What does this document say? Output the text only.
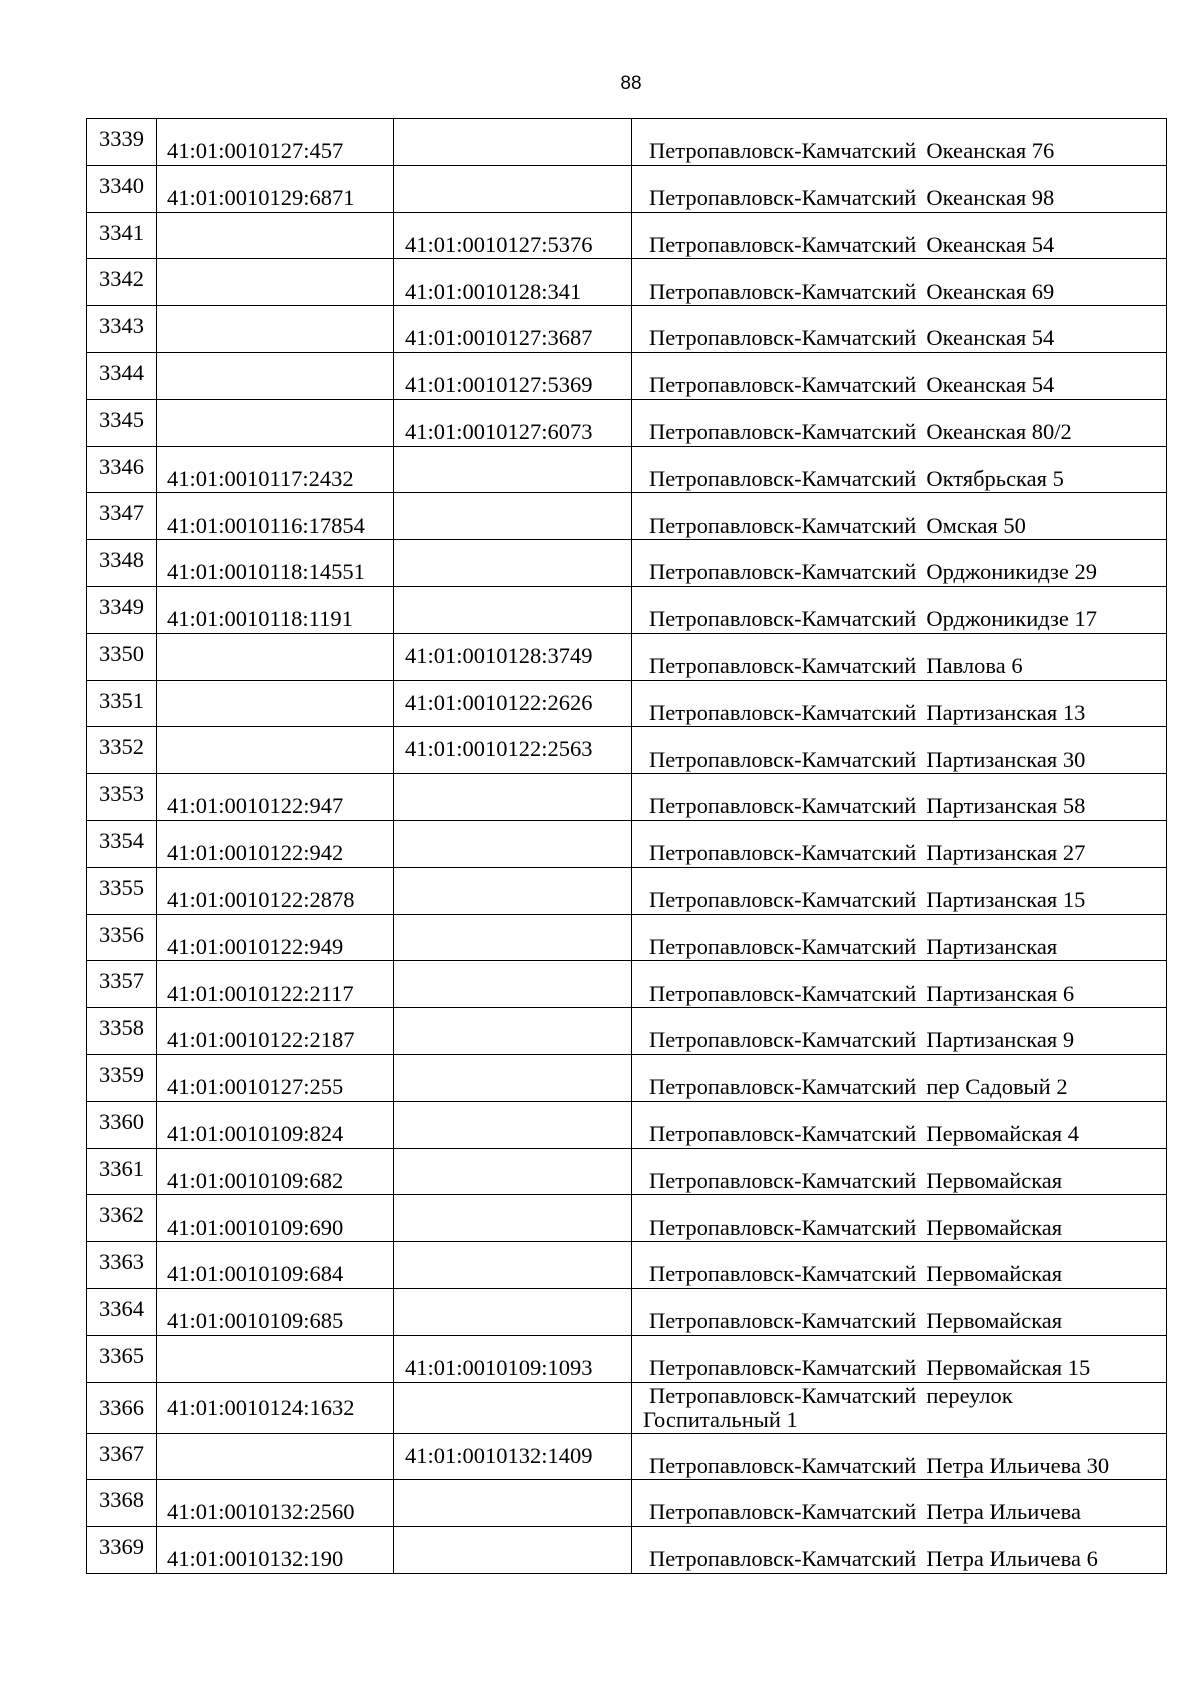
88
3339	41:01:0010127:457		Петропавловск-Камчатский Океанская 76
3340	41:01:0010129:6871		Петропавловск-Камчатский Океанская 98
3341		41:01:0010127:5376	Петропавловск-Камчатский Океанская 54
3342		41:01:0010128:341	Петропавловск-Камчатский Океанская 69
3343		41:01:0010127:3687	Петропавловск-Камчатский Океанская 54
3344		41:01:0010127:5369	Петропавловск-Камчатский Океанская 54
3345		41:01:0010127:6073	Петропавловск-Камчатский Океанская 80/2
3346	41:01:0010117:2432		Петропавловск-Камчатский Октябрьская 5
3347	41:01:0010116:17854		Петропавловск-Камчатский Омская 50
3348	41:01:0010118:14551		Петропавловск-Камчатский Орджоникидзе 29
3349	41:01:0010118:1191		Петропавловск-Камчатский Орджоникидзе 17
3350		41:01:0010128:3749	Петропавловск-Камчатский Павлова 6
3351		41:01:0010122:2626	Петропавловск-Камчатский Партизанская 13
3352		41:01:0010122:2563	Петропавловск-Камчатский Партизанская 30
3353	41:01:0010122:947		Петропавловск-Камчатский Партизанская 58
3354	41:01:0010122:942		Петропавловск-Камчатский Партизанская 27
3355	41:01:0010122:2878		Петропавловск-Камчатский Партизанская 15
3356	41:01:0010122:949		Петропавловск-Камчатский Партизанская
3357	41:01:0010122:2117		Петропавловск-Камчатский Партизанская 6
3358	41:01:0010122:2187		Петропавловск-Камчатский Партизанская 9
3359	41:01:0010127:255		Петропавловск-Камчатский пер Садовый 2
3360	41:01:0010109:824		Петропавловск-Камчатский Первомайская 4
3361	41:01:0010109:682		Петропавловск-Камчатский Первомайская
3362	41:01:0010109:690		Петропавловск-Камчатский Первомайская
3363	41:01:0010109:684		Петропавловск-Камчатский Первомайская
3364	41:01:0010109:685		Петропавловск-Камчатский Первомайская
3365		41:01:0010109:1093	Петропавловск-Камчатский Первомайская 15
3366	41:01:0010124:1632		Петропавловск-Камчатский переулок
Госпитальный 1

3367		41:01:0010132:1409	Петропавловск-Камчатский Петра Ильичева 30
3368	41:01:0010132:2560		Петропавловск-Камчатский Петра Ильичева
3369	41:01:0010132:190		Петропавловск-Камчатский Петра Ильичева 6
